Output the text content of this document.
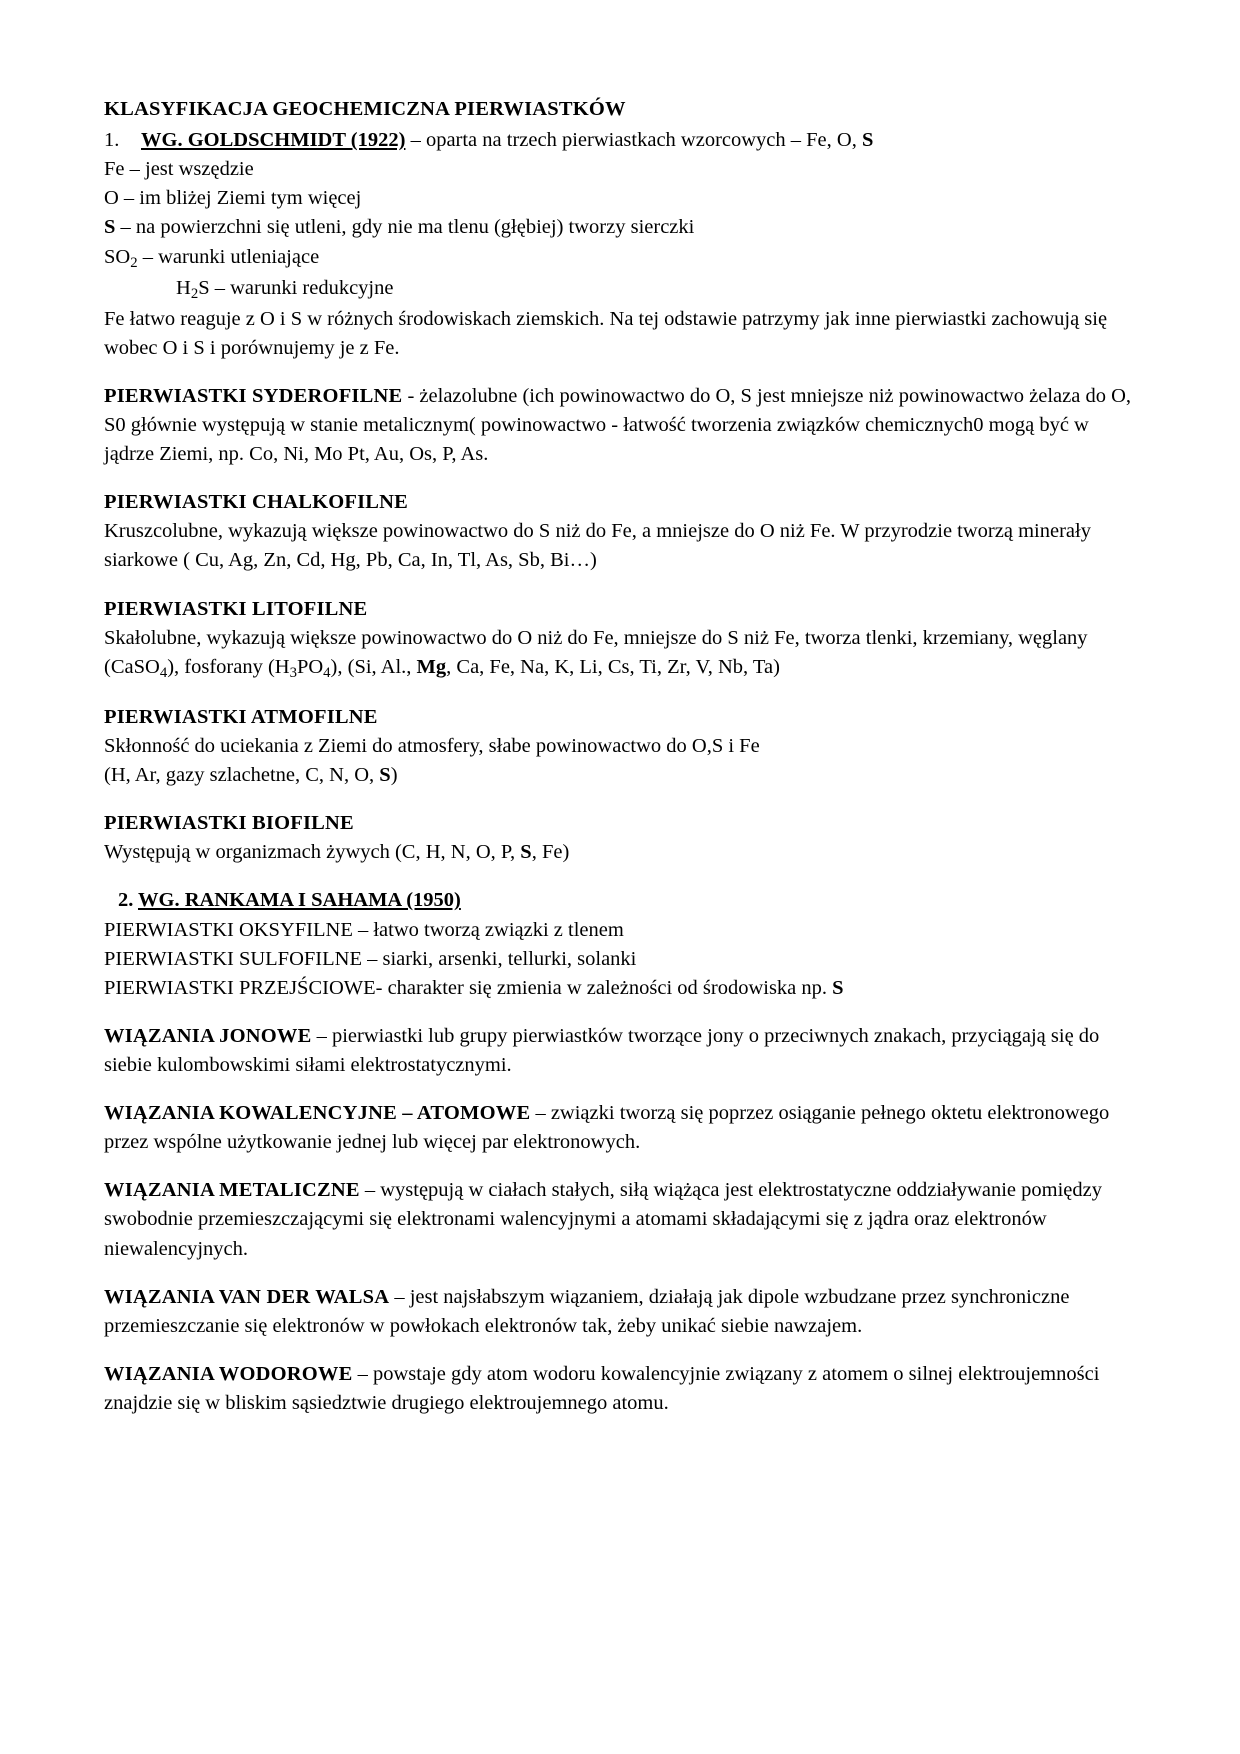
KLASYFIKACJA GEOCHEMICZNA PIERWIASTKÓW
1.	WG. GOLDSCHMIDT (1922) – oparta na trzech pierwiastkach wzorcowych – Fe, O, S
Fe – jest wszędzie
O – im bliżej Ziemi tym więcej
S – na powierzchni się utleni, gdy nie ma tlenu (głębiej) tworzy sierczki
$SO_2$ – warunki utleniające
$H_2S$ – warunki redukcyjne
Fe łatwo reaguje z O i S w różnych środowiskach ziemskich. Na tej odstawie patrzymy jak inne pierwiastki zachowują się wobec O i S i porównujemy je z Fe.
PIERWIASTKI SYDEROFILNE - żelazolubne (ich powinowactwo do O, S jest mniejsze niż powinowactwo żelaza do O, S0 głównie występują w stanie metalicznym( powinowactwo - łatwość tworzenia związków chemicznych0 mogą być w jądrze Ziemi, np. Co, Ni, Mo Pt, Au, Os, P, As.
PIERWIASTKI CHALKOFILNE
Kruszcolubne, wykazują większe powinowactwo do S niż do Fe, a mniejsze do O niż Fe. W przyrodzie tworzą minerały siarkowe ( Cu, Ag, Zn, Cd, Hg, Pb, Ca, In, Tl, As, Sb, Bi…)
PIERWIASTKI LITOFILNE
Skałolubne, wykazują większe powinowactwo do O niż do Fe, mniejsze do S niż Fe, tworza tlenki, krzemiany, węglany (CaSO$_4$), fosforany $(H_3PO_4)$, (Si, Al., Mg, Ca, Fe, Na, K, Li, Cs, Ti, Zr, V, Nb, Ta)
PIERWIASTKI ATMOFILNE
Skłonność do uciekania z Ziemi do atmosfery, słabe powinowactwo do O,S i Fe
(H, Ar, gazy szlachetne, C, N, O, S)
PIERWIASTKI BIOFILNE
Występują w organizmach żywych (C, H, N, O, P, S, Fe)
2. WG. RANKAMA I SAHAMA (1950)
PIERWIASTKI OKSYFILNE – łatwo tworzą związki z tlenem
PIERWIASTKI SULFOFILNE – siarki, arsenki, tellurki, solanki
PIERWIASTKI PRZEJŚCIOWE- charakter się zmienia w zależności od środowiska np. S
WIĄZANIA JONOWE – pierwiastki lub grupy pierwiastków tworzące jony o przeciwnych znakach, przyciągają się do siebie kulombowskimi siłami elektrostatycznymi.
WIĄZANIA KOWALENCYJNE – ATOMOWE – związki tworzą się poprzez osiąganie pełnego oktetu elektronowego przez wspólne użytkowanie jednej lub więcej par elektronowych.
WIĄZANIA METALICZNE – występują w ciałach stałych, siłą wiążąca jest elektrostatyczne oddziaływanie pomiędzy swobodnie przemieszczającymi się elektronami walencyjnymi a atomami składającymi się z jądra oraz elektronów niewalencyjnych.
WIĄZANIA VAN DER WALSA – jest najsłabszym wiązaniem, działają jak dipole wzbudzane przez synchroniczne przemieszczanie się elektronów w powłokach elektronów tak, żeby unikać siebie nawzajem.
WIĄZANIA WODOROWE – powstaje gdy atom wodoru kowalencyjnie związany z atomem o silnej elektroujemności znajdzie się w bliskim sąsiedztwie drugiego elektroujemnego atomu.
